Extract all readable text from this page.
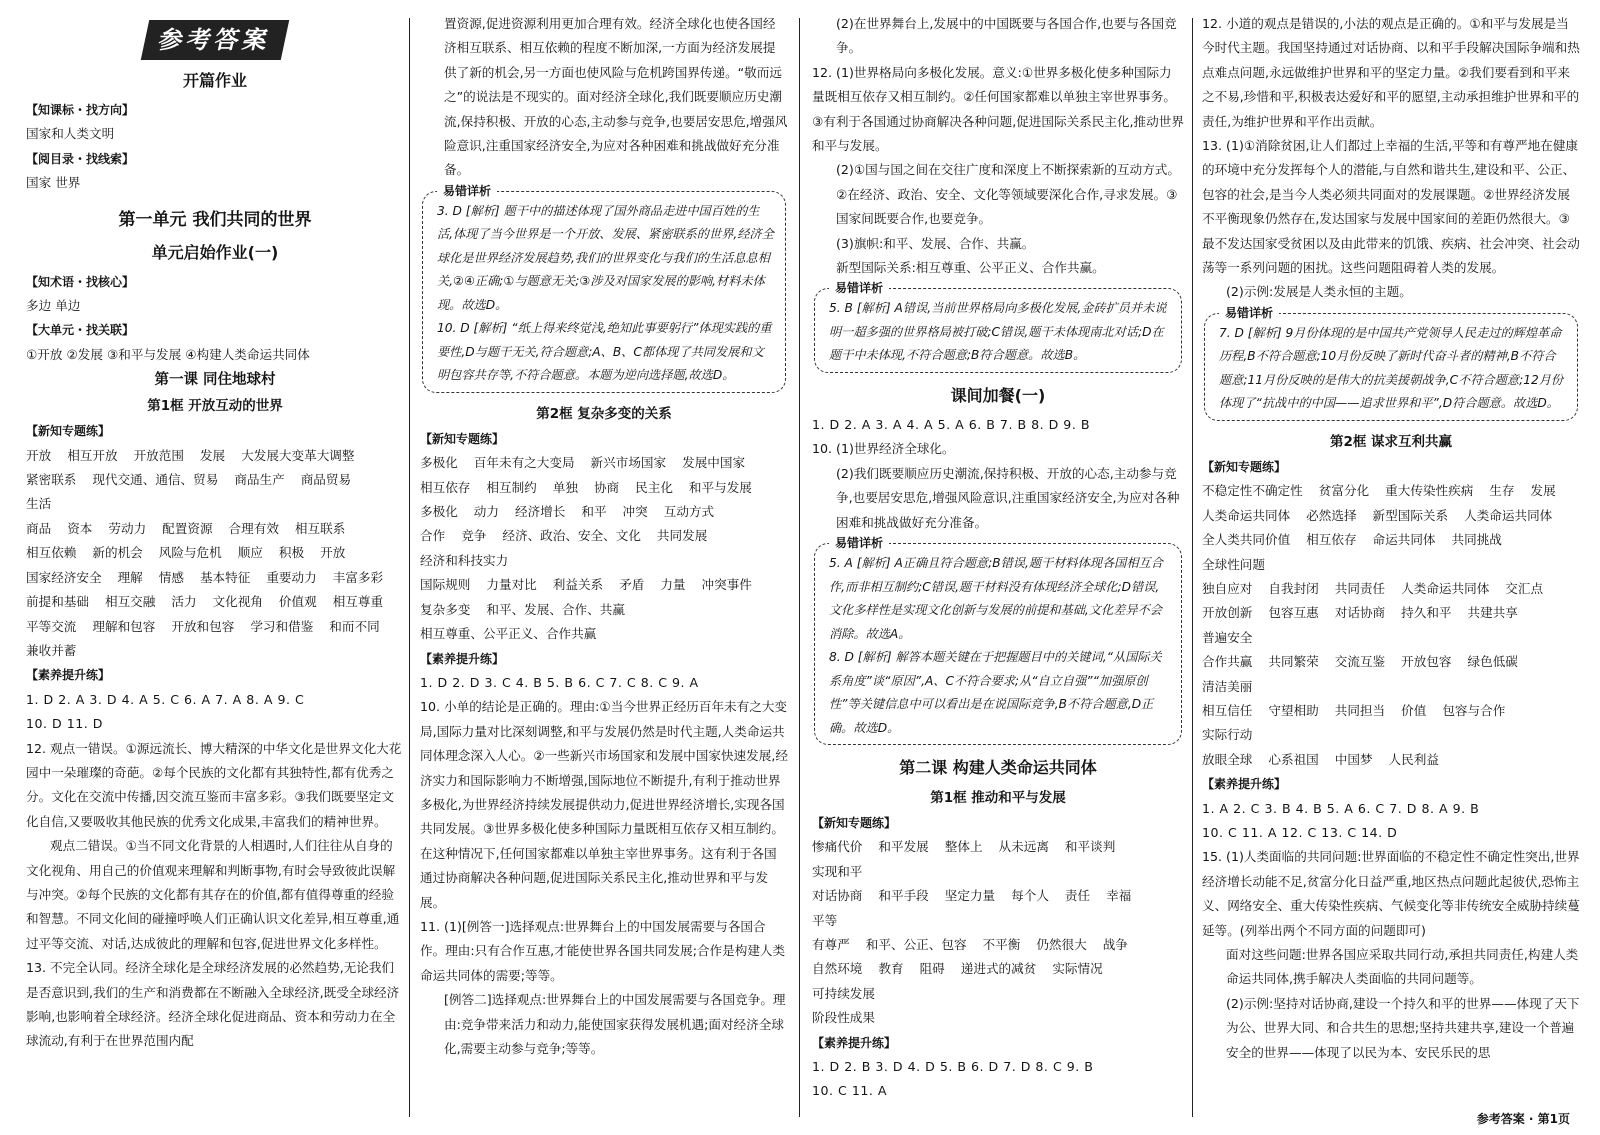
参考答案
开篇作业
【知课标・找方向】
国家和人类文明
【阅目录・找线索】
国家 世界
第一单元 我们共同的世界
单元启始作业(一)
【知术语・找核心】
多边 单边
【大单元・找关联】
①开放 ②发展 ③和平与发展 ④构建人类命运共同体
第一课 同住地球村
第1框 开放互动的世界
【新知专题练】
开放 相互开放 开放范围 发展 大发展大变革大调整
紧密联系 现代交通、通信、贸易 商品生产 商品贸易生活
商品 资本 劳动力 配置资源 合理有效 相互联系
相互依赖 新的机会 风险与危机 顺应 积极 开放
国家经济安全 理解 情感 基本特征 重要动力 丰富多彩
前提和基础 相互交融 活力 文化视角 价值观 相互尊重
平等交流 理解和包容 开放和包容 学习和借鉴 和而不同
兼收并蓄
【素养提升练】
1. D 2. A 3. D 4. A 5. C 6. A 7. A 8. A 9. C
10. D 11. D
12. 观点一错误。①源远流长、博大精深的中华文化是世界文化大花园中一朵璀璨的奇葩。②每个民族的文化都有其独特性,都有优秀之分。文化在交流中传播,因交流互鉴而丰富多彩。③我们既要坚定文化自信,又要吸收其他民族的优秀文化成果,丰富我们的精神世界。
观点二错误。①当不同文化背景的人相遇时,人们往往从自身的文化视角、用自己的价值观来理解和判断事物,有时会导致彼此误解与冲突。②每个民族的文化都有其存在的价值,都有值得尊重的经验和智慧。不同文化间的碰撞呼唤人们正确认识文化差异,相互尊重,通过平等交流、对话,达成彼此的理解和包容,促进世界文化多样性。
13. 不完全认同。经济全球化是全球经济发展的必然趋势,无论我们是否意识到,我们的生产和消费都在不断融入全球经济,既受全球经济影响,也影响着全球经济。经济全球化促进商品、资本和劳动力在全球流动,有利于在世界范围内配
置资源,促进资源利用更加合理有效。经济全球化也使各国经济相互联系、相互依赖的程度不断加深,一方面为经济发展提供了新的机会,另一方面也使风险与危机跨国界传递。“敬而远之”的说法是不现实的。面对经济全球化,我们既要顺应历史潮流,保持积极、开放的心态,主动参与竞争,也要居安思危,增强风险意识,注重国家经济安全,为应对各种困难和挑战做好充分准备。
易错详析
3. D [解析] 题干中的描述体现了国外商品走进中国百姓的生活,体现了当今世界是一个开放、发展、紧密联系的世界,经济全球化是世界经济发展趋势,我们的世界变化与我们的生活息息相关,②④正确;①与题意无关;③涉及对国家发展的影响,材料未体现。故选D。
10. D [解析] “纸上得来终觉浅,绝知此事要躬行”体现实践的重要性,D与题干无关,符合题意;A、B、C都体现了共同发展和文明包容共存等,不符合题意。本题为逆向选择题,故选D。
第2框 复杂多变的关系
【新知专题练】
多极化 百年未有之大变局 新兴市场国家 发展中国家
相互依存 相互制约 单独 协商 民主化 和平与发展
多极化 动力 经济增长 和平 冲突 互动方式
合作 竞争 经济、政治、安全、文化 共同发展经济和科技实力
国际规则 力量对比 利益关系 矛盾 力量 冲突事件
复杂多变 和平、发展、合作、共赢相互尊重、公平正义、合作共赢
【素养提升练】
1. D 2. D 3. C 4. B 5. B 6. C 7. C 8. C 9. A
10. 小单的结论是正确的。理由:①当今世界正经历百年未有之大变局,国际力量对比深刻调整,和平与发展仍然是时代主题,人类命运共同体理念深入人心。②一些新兴市场国家和发展中国家快速发展,经济实力和国际影响力不断增强,国际地位不断提升,有利于推动世界多极化,为世界经济持续发展提供动力,促进世界经济增长,实现各国共同发展。③世界多极化使多种国际力量既相互依存又相互制约。在这种情况下,任何国家都难以单独主宰世界事务。这有利于各国通过协商解决各种问题,促进国际关系民主化,推动世界和平与发展。
11. (1)[例答一]选择观点:世界舞台上的中国发展需要与各国合作。理由:只有合作互惠,才能使世界各国共同发展;合作是构建人类命运共同体的需要;等等。
[例答二]选择观点:世界舞台上的中国发展需要与各国竞争。理由:竞争带来活力和动力,能使国家获得发展机遇;面对经济全球化,需要主动参与竞争;等等。
(2)在世界舞台上,发展中的中国既要与各国合作,也要与各国竞争。
12. (1)世界格局向多极化发展。意义:①世界多极化使多种国际力量既相互依存又相互制约。②任何国家都难以单独主宰世界事务。③有利于各国通过协商解决各种问题,促进国际关系民主化,推动世界和平与发展。
(2)①国与国之间在交往广度和深度上不断探索新的互动方式。②在经济、政治、安全、文化等领域要深化合作,寻求发展。③国家间既要合作,也要竞争。
(3)旗帜:和平、发展、合作、共赢。
新型国际关系:相互尊重、公平正义、合作共赢。
易错详析
5. B [解析] A错误,当前世界格局向多极化发展,金砖扩员并未说明一超多强的世界格局被打破;C错误,题干未体现南北对话;D在题干中未体现,不符合题意;B符合题意。故选B。
课间加餐(一)
1. D 2. A 3. A 4. A 5. A 6. B 7. B 8. D 9. B
10. (1)世界经济全球化。
(2)我们既要顺应历史潮流,保持积极、开放的心态,主动参与竞争,也要居安思危,增强风险意识,注重国家经济安全,为应对各种困难和挑战做好充分准备。
易错详析
5. A [解析] A正确且符合题意;B错误,题干材料体现各国相互合作,而非相互制约;C错误,题干材料没有体现经济全球化;D错误,文化多样性是实现文化创新与发展的前提和基础,文化差异不会消除。故选A。
8. D [解析] 解答本题关键在于把握题目中的关键词,“从国际关系角度”谈“原因”,A、C不符合要求;从“自立自强”“加强原创性”等关键信息中可以看出是在说国际竞争,B不符合题意,D正确。故选D。
第二课 构建人类命运共同体
第1框 推动和平与发展
【新知专题练】
惨痛代价 和平发展 整体上 从未远离 和平谈判实现和平
对话协商 和平手段 坚定力量 每个人 责任 幸福平等
有尊严 和平、公正、包容 不平衡 仍然很大 战争
自然环境 教育 阻碍 递进式的减贫 实际情况可持续发展
阶段性成果
【素养提升练】
1. D 2. B 3. D 4. D 5. B 6. D 7. D 8. C 9. B
10. C 11. A
12. 小道的观点是错误的,小法的观点是正确的。①和平与发展是当今时代主题。我国坚持通过对话协商、以和平手段解决国际争端和热点难点问题,永远做维护世界和平的坚定力量。②我们要看到和平来之不易,珍惜和平,积极表达爱好和平的愿望,主动承担维护世界和平的责任,为维护世界和平作出贡献。
13. (1)①消除贫困,让人们都过上幸福的生活,平等和有尊严地在健康的环境中充分发挥每个人的潜能,与自然和谐共生,建设和平、公正、包容的社会,是当今人类必须共同面对的发展课题。②世界经济发展不平衡现象仍然存在,发达国家与发展中国家间的差距仍然很大。③最不发达国家受贫困以及由此带来的饥饿、疾病、社会冲突、社会动荡等一系列问题的困扰。这些问题阻碍着人类的发展。
(2)示例:发展是人类永恒的主题。
易错详析
7. D [解析] 9月份体现的是中国共产党领导人民走过的辉煌革命历程,B不符合题意;10月份反映了新时代奋斗者的精神,B不符合题意;11月份反映的是伟大的抗美援朝战争,C不符合题意;12月份体现了“抗战中的中国——追求世界和平”,D符合题意。故选D。
第2框 谋求互利共赢
【新知专题练】
不稳定性不确定性 贫富分化 重大传染性疾病 生存 发展
人类命运共同体 必然选择 新型国际关系 人类命运共同体
全人类共同价值 相互依存 命运共同体 共同挑战全球性问题
独自应对 自我封闭 共同责任 人类命运共同体 交汇点
开放创新 包容互惠 对话协商 持久和平 共建共享普遍安全
合作共赢 共同繁荣 交流互鉴 开放包容 绿色低碳清洁美丽
相互信任 守望相助 共同担当 价值 包容与合作实际行动
放眼全球 心系祖国 中国梦 人民利益
【素养提升练】
1. A 2. C 3. B 4. B 5. A 6. C 7. D 8. A 9. B
10. C 11. A 12. C 13. C 14. D
15. (1)人类面临的共同问题:世界面临的不稳定性不确定性突出,世界经济增长动能不足,贫富分化日益严重,地区热点问题此起彼伏,恐怖主义、网络安全、重大传染性疾病、气候变化等非传统安全威胁持续蔓延等。(列举出两个不同方面的问题即可)
面对这些问题:世界各国应采取共同行动,承担共同责任,构建人类命运共同体,携手解决人类面临的共同问题等。
(2)示例:坚持对话协商,建设一个持久和平的世界——体现了天下为公、世界大同、和合共生的思想;坚持共建共享,建设一个普遍安全的世界——体现了以民为本、安民乐民的思
参考答案 · 第1页
